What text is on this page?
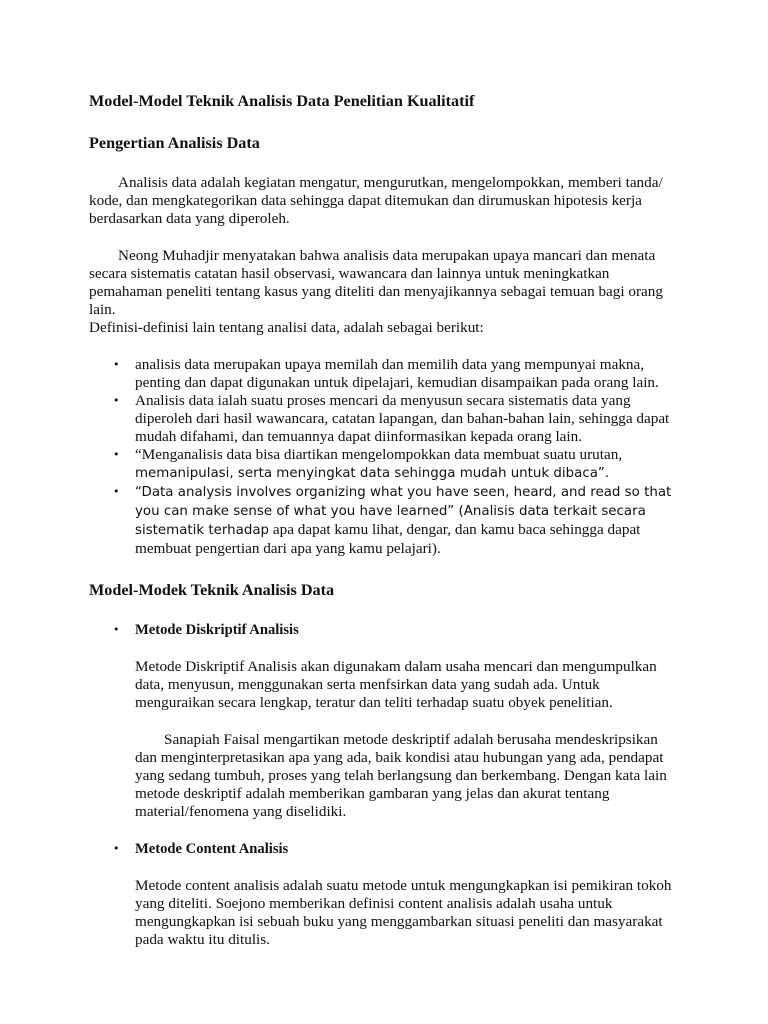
Model-Model Teknik Analisis Data Penelitian Kualitatif
Pengertian Analisis Data

Analisis data adalah kegiatan mengatur, mengurutkan, mengelompokkan, memberi tanda/ kode, dan mengkategorikan data sehingga dapat ditemukan dan dirumuskan hipotesis kerja berdasarkan data yang diperoleh.

Neong Muhadjir menyatakan bahwa analisis data merupakan upaya mancari dan menata secara sistematis catatan hasil observasi, wawancara dan lainnya untuk meningkatkan pemahaman peneliti tentang kasus yang diteliti dan menyajikannya sebagai temuan bagi orang lain.

Definisi-definisi lain tentang analisi data, adalah sebagai berikut:

• analisis data merupakan upaya memilah dan memilih data yang mempunyai makna, penting dan dapat digunakan untuk dipelajari, kemudian disampaikan pada orang lain.
• Analisis data ialah suatu proses mencari da menyusun secara sistematis data yang diperoleh dari hasil wawancara, catatan lapangan, dan bahan-bahan lain, sehingga dapat mudah difahami, dan temuannya dapat diinformasikan kepada orang lain.
• “Menganalisis data bisa diartikan mengelompokkan data membuat suatu urutan,
memanipulasi, serta menyingkat data sehingga mudah untuk dibaca”.
• “Data analysis involves organizing what you have seen, heard, and read so that you can make sense of what you have learned” (Analisis data terkait secara sistematik terhadap apa dapat kamu lihat, dengar, dan kamu baca sehingga dapat membuat pengertian dari apa yang kamu pelajari).
Model-Modek Teknik Analisis Data
• Metode Diskriptif Analisis

Metode Diskriptif Analisis akan digunakam dalam usaha mencari dan mengumpulkan data, menyusun, menggunakan serta menfsirkan data yang sudah ada. Untuk menguraikan secara lengkap, teratur dan teliti terhadap suatu obyek penelitian.

Sanapiah Faisal mengartikan metode deskriptif adalah berusaha mendeskripsikan dan menginterpretasikan apa yang ada, baik kondisi atau hubungan yang ada, pendapat yang sedang tumbuh, proses yang telah berlangsung dan berkembang. Dengan kata lain metode deskriptif adalah memberikan gambaran yang jelas dan akurat tentang material/fenomena yang diselidiki.

• Metode Content Analisis

Metode content analisis adalah suatu metode untuk mengungkapkan isi pemikiran tokoh yang diteliti. Soejono memberikan definisi content analisis adalah usaha untuk mengungkapkan isi sebuah buku yang menggambarkan situasi peneliti dan masyarakat pada waktu itu ditulis.
